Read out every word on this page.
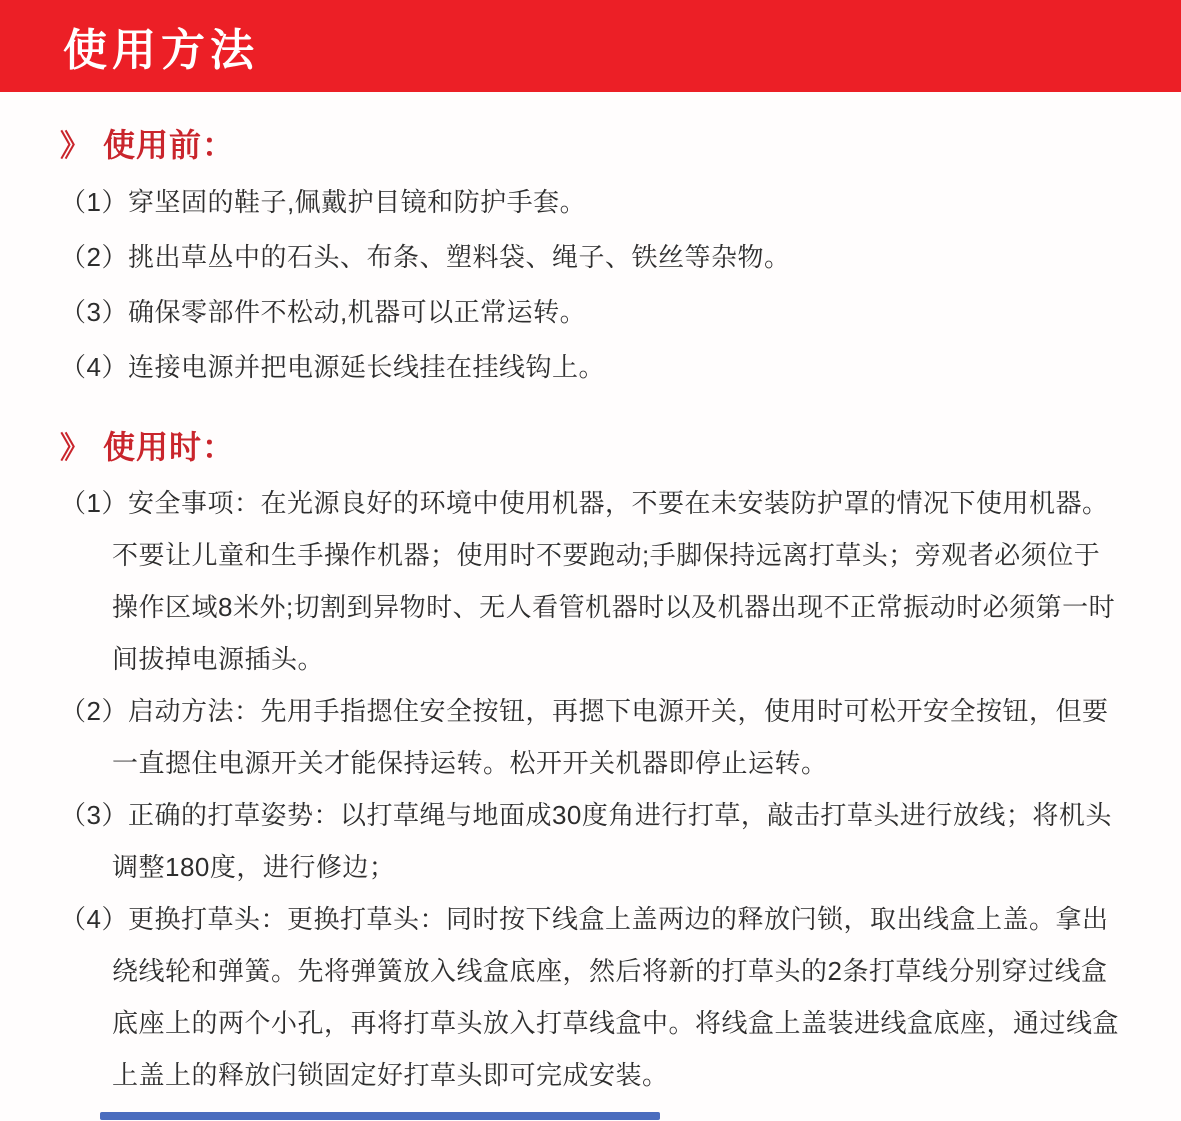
使用方法
》 使用前：
（1）穿坚固的鞋子,佩戴护目镜和防护手套。
（2）挑出草丛中的石头、布条、塑料袋、绳子、铁丝等杂物。
（3）确保零部件不松动,机器可以正常运转。
（4）连接电源并把电源延长线挂在挂线钩上。
》 使用时：
（1）安全事项：在光源良好的环境中使用机器，不要在未安装防护罩的情况下使用机器。不要让儿童和生手操作机器；使用时不要跑动;手脚保持远离打草头；旁观者必须位于操作区域8米外;切割到异物时、无人看管机器时以及机器出现不正常振动时必须第一时间拔掉电源插头。
（2）启动方法：先用手指摁住安全按钮，再摁下电源开关，使用时可松开安全按钮，但要一直摁住电源开关才能保持运转。松开开关机器即停止运转。
（3）正确的打草姿势：以打草绳与地面成30度角进行打草，敲击打草头进行放线；将机头调整180度，进行修边；
（4）更换打草头：更换打草头：同时按下线盒上盖两边的释放闩锁，取出线盒上盖。拿出绕线轮和弹簧。先将弹簧放入线盒底座，然后将新的打草头的2条打草线分别穿过线盒底座上的两个小孔，再将打草头放入打草线盒中。将线盒上盖装进线盒底座，通过线盒上盖上的释放闩锁固定好打草头即可完成安装。
